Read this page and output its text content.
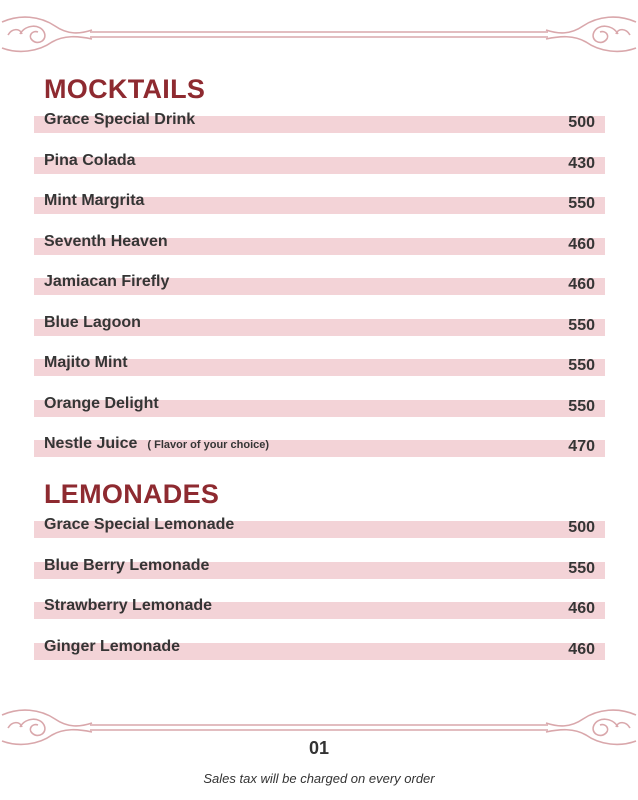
MOCKTAILS
Grace Special Drink	500
Pina Colada	430
Mint Margrita	550
Seventh Heaven	460
Jamiacan Firefly	460
Blue Lagoon	550
Majito Mint	550
Orange Delight	550
Nestle Juice ( Flavor of your choice)	470
LEMONADES
Grace Special Lemonade	500
Blue Berry Lemonade	550
Strawberry Lemonade	460
Ginger Lemonade	460
01
Sales tax will be charged on every order
